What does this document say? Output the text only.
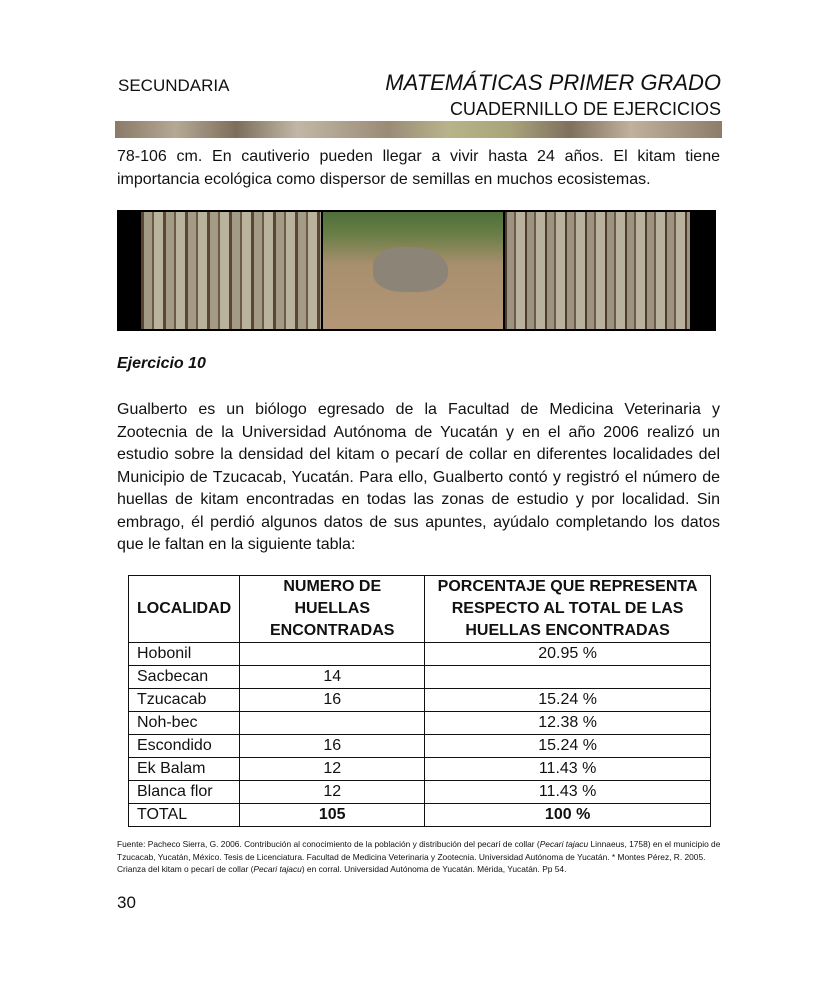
SECUNDARIA	MATEMÁTICAS PRIMER GRADO
CUADERNILLO DE EJERCICIOS
78-106 cm. En cautiverio pueden llegar a vivir hasta 24 años. El kitam tiene importancia ecológica como dispersor de semillas en muchos ecosistemas.
Ejercicio 10
Gualberto es un biólogo egresado de la Facultad de Medicina Veterinaria y Zootecnia de la Universidad Autónoma de Yucatán y en el año 2006 realizó un estudio sobre la densidad del kitam o pecarí de collar en diferentes localidades del Municipio de Tzucacab, Yucatán. Para ello, Gualberto contó y registró el número de huellas de kitam encontradas en todas las zonas de estudio y por localidad. Sin embrago, él perdió algunos datos de sus apuntes, ayúdalo completando los datos que le faltan en la siguiente tabla:
LOCALIDAD	NUMERO DE HUELLAS ENCONTRADAS	PORCENTAJE QUE REPRESENTA RESPECTO AL TOTAL DE LAS HUELLAS ENCONTRADAS
Hobonil		20.95 %
Sacbecan	14	
Tzucacab	16	15.24 %
Noh-bec		12.38 %
Escondido	16	15.24 %
Ek Balam	12	11.43 %
Blanca flor	12	11.43 %
TOTAL	105	100 %
Fuente: Pacheco Sierra, G. 2006. Contribución al conocimiento de la población y distribución del pecarí de collar (Pecari tajacu Linnaeus, 1758) en el municipio de Tzucacab, Yucatán, México. Tesis de Licenciatura. Facultad de Medicina Veterinaria y Zootecnia. Universidad Autónoma de Yucatán. * Montes Pérez, R. 2005. Crianza del kitam o pecarí de collar (Pecari tajacu) en corral. Universidad Autónoma de Yucatán. Mérida, Yucatán. Pp 54.
30
